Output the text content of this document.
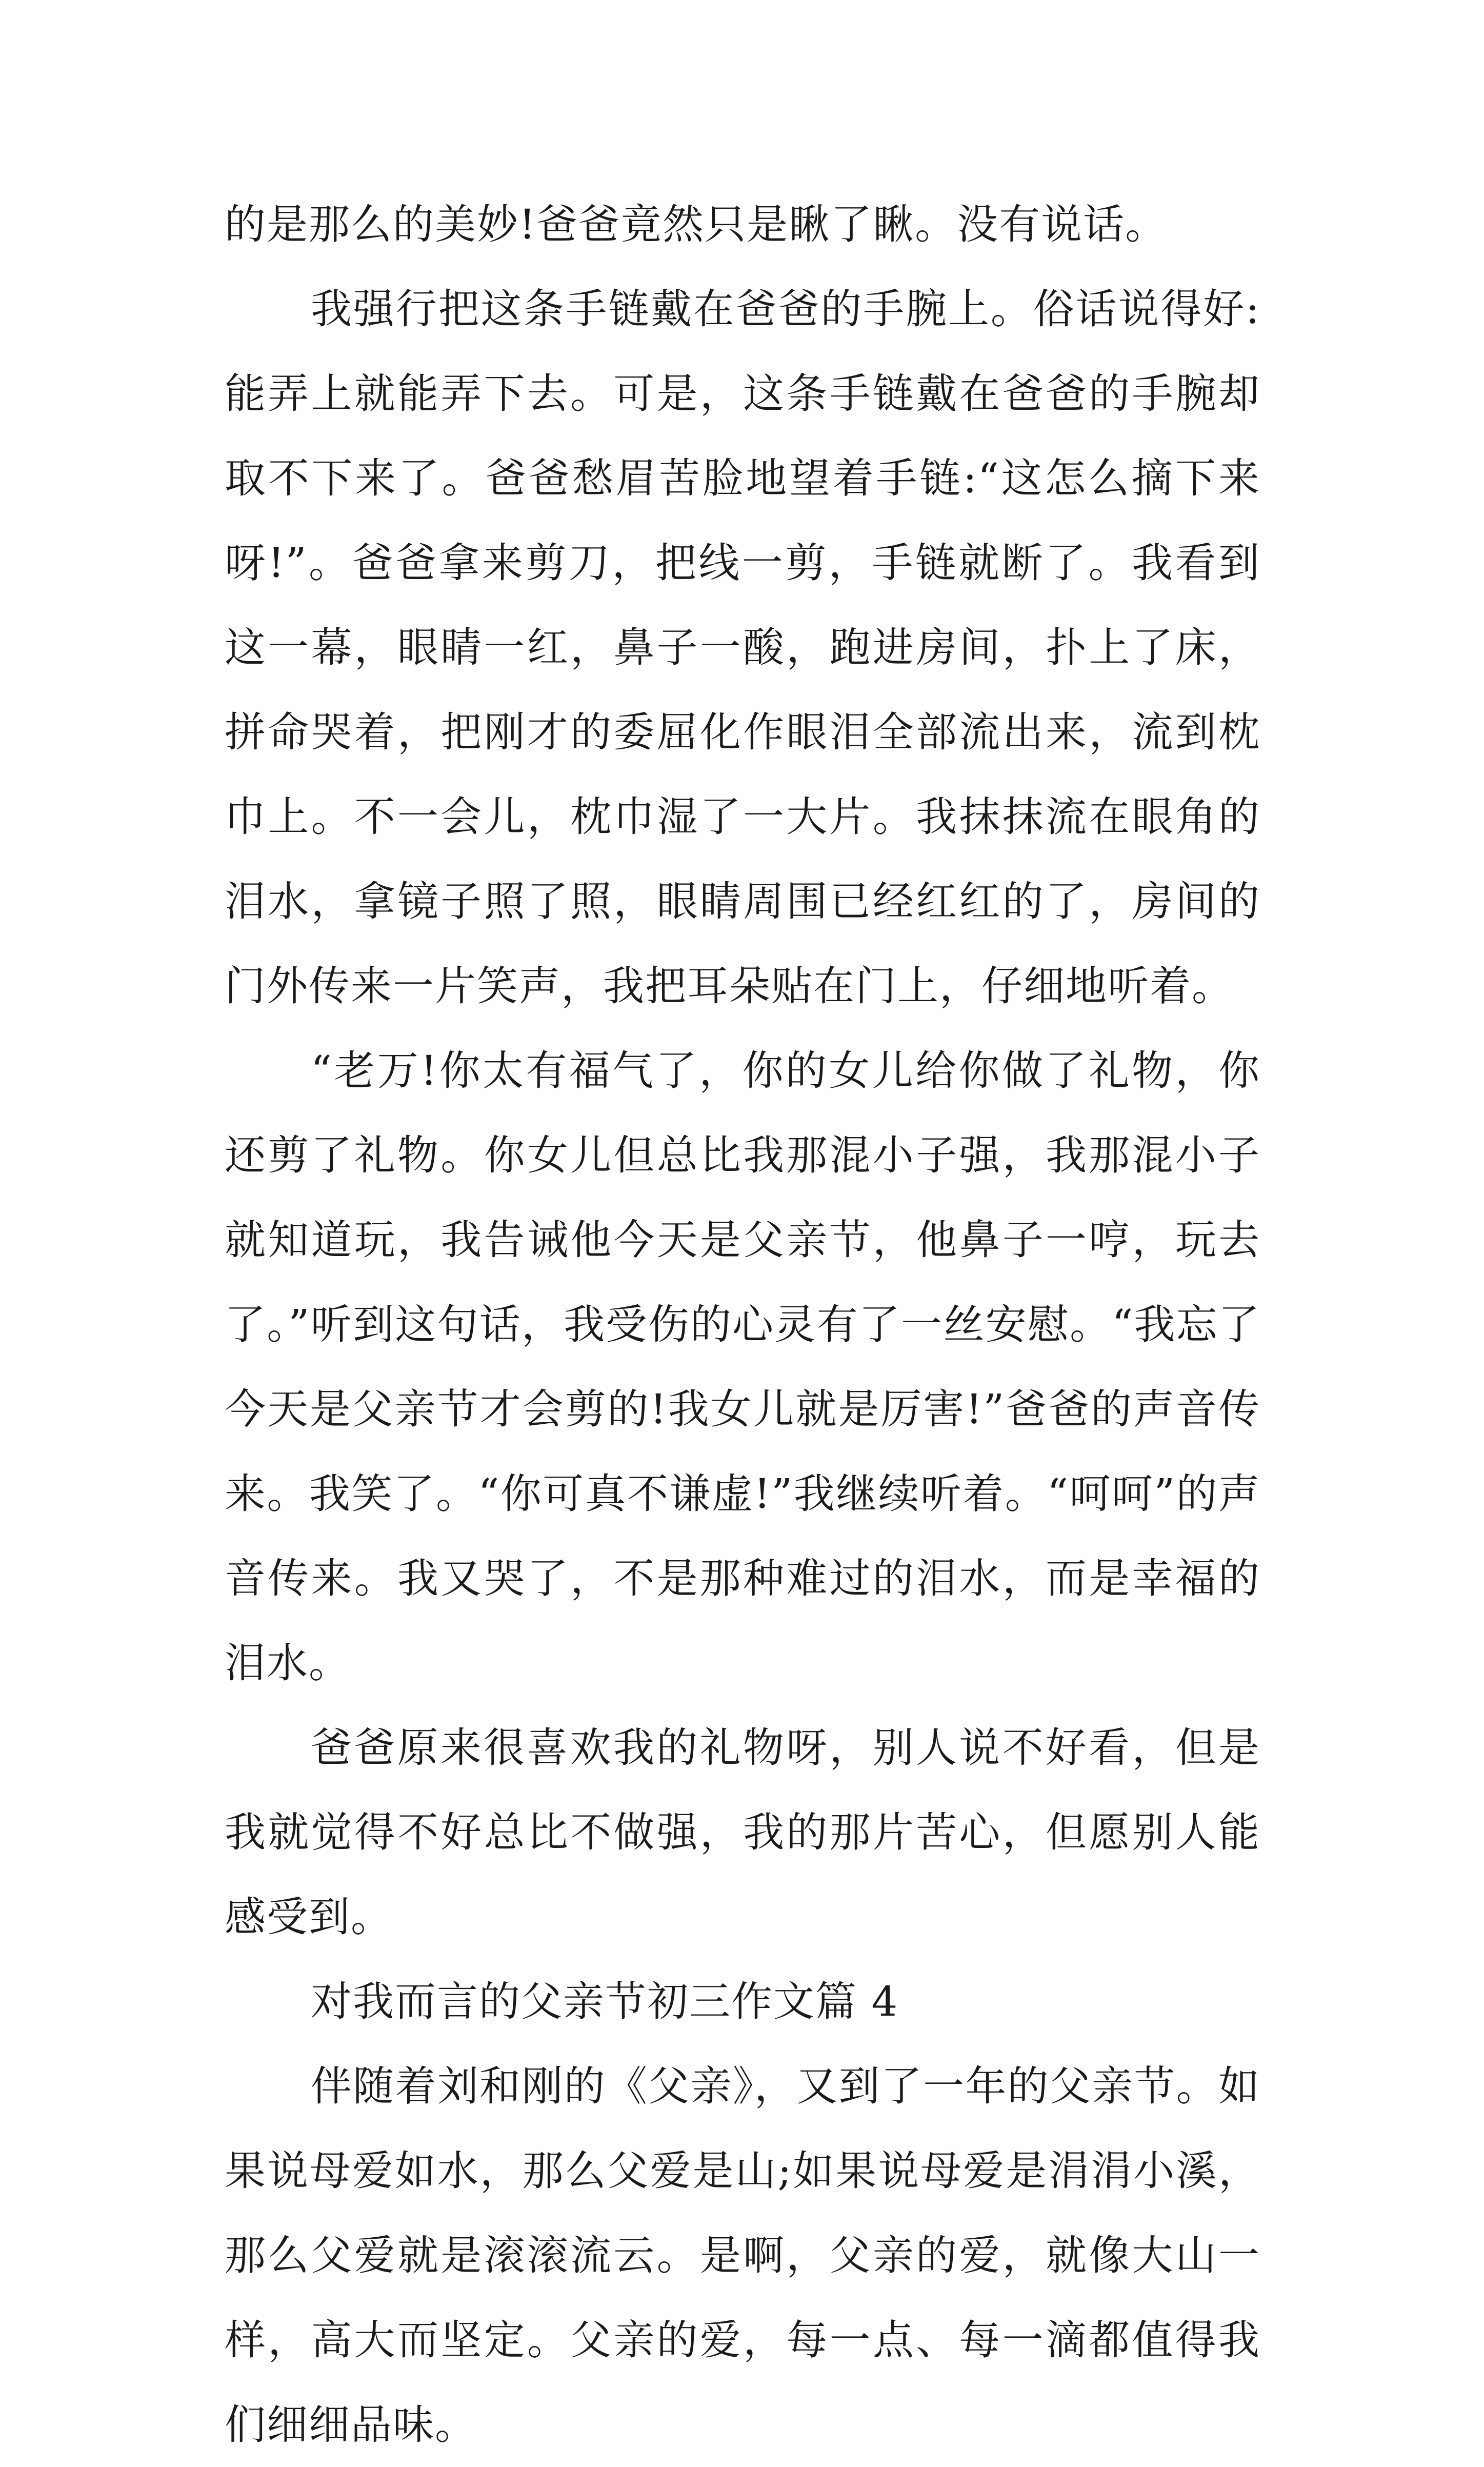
的是那么的美妙!爸爸竟然只是瞅了瞅。没有说话。

我强行把这条手链戴在爸爸的手腕上。俗话说得好:能弄上就能弄下去。可是，这条手链戴在爸爸的手腕却取不下来了。爸爸愁眉苦脸地望着手链:“这怎么摘下来呀!”。爸爸拿来剪刀，把线一剪，手链就断了。我看到这一幕，眼睛一红，鼻子一酸，跑进房间，扑上了床，拼命哭着，把刚才的委屈化作眼泪全部流出来，流到枕巾上。不一会儿，枕巾湿了一大片。我抹抹流在眼角的泪水，拿镜子照了照，眼睛周围已经红红的了，房间的门外传来一片笑声，我把耳朵贴在门上，仔细地听着。

“老万!你太有福气了，你的女儿给你做了礼物，你还剪了礼物。你女儿但总比我那混小子强，我那混小子就知道玩，我告诫他今天是父亲节，他鼻子一哼，玩去了。”听到这句话，我受伤的心灵有了一丝安慰。“我忘了今天是父亲节才会剪的!我女儿就是厉害!”爸爸的声音传来。我笑了。“你可真不谦虚!”我继续听着。“呵呵”的声音传来。我又哭了，不是那种难过的泪水，而是幸福的泪水。

爸爸原来很喜欢我的礼物呀，别人说不好看，但是我就觉得不好总比不做强，我的那片苦心，但愿别人能感受到。

对我而言的父亲节初三作文篇 4

伴随着刘和刚的《父亲》，又到了一年的父亲节。如果说母爱如水，那么父爱是山;如果说母爱是涓涓小溪，那么父爱就是滚滚流云。是啊，父亲的爱，就像大山一样，高大而坚定。父亲的爱，每一点、每一滴都值得我们细细品味。
